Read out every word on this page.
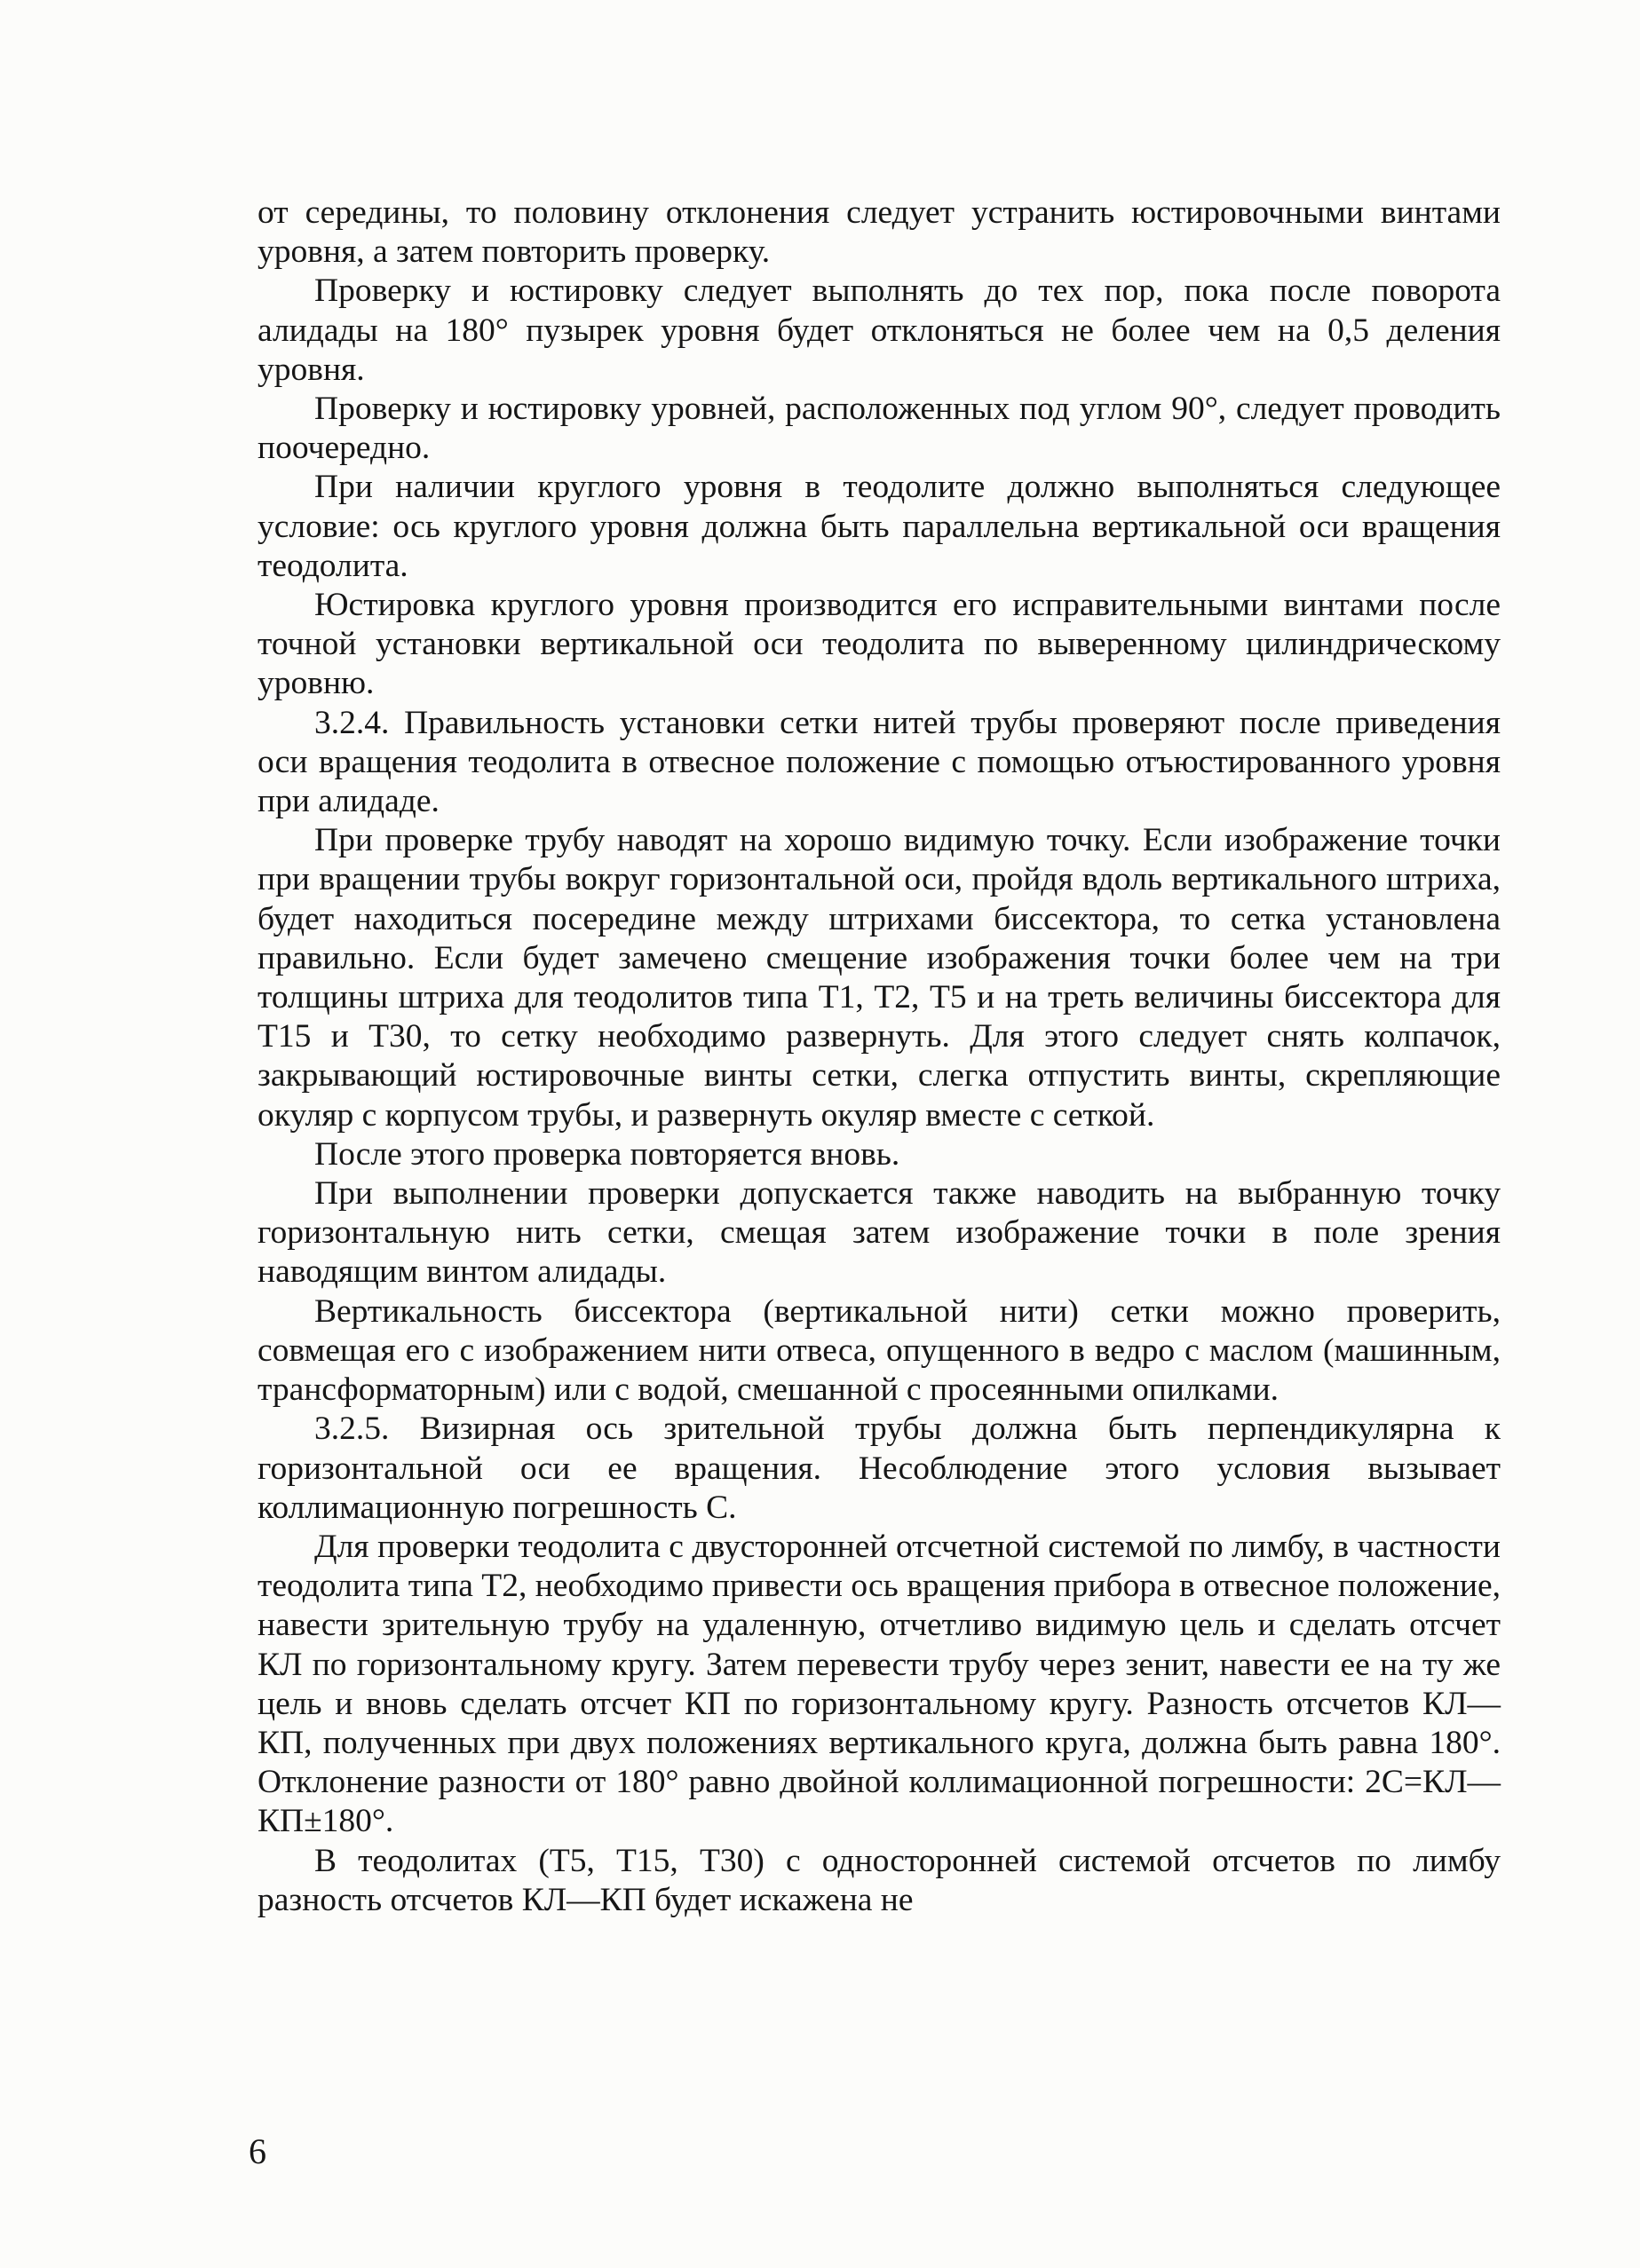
от середины, то половину отклонения следует устранить юстировочными винтами уровня, а затем повторить проверку.

Проверку и юстировку следует выполнять до тех пор, пока после поворота алидады на 180° пузырек уровня будет отклоняться не более чем на 0,5 деления уровня.

Проверку и юстировку уровней, расположенных под углом 90°, следует проводить поочередно.

При наличии круглого уровня в теодолите должно выполняться следующее условие: ось круглого уровня должна быть параллельна вертикальной оси вращения теодолита.

Юстировка круглого уровня производится его исправительными винтами после точной установки вертикальной оси теодолита по выверенному цилиндрическому уровню.

3.2.4. Правильность установки сетки нитей трубы проверяют после приведения оси вращения теодолита в отвесное положение с помощью отъюстированного уровня при алидаде.

При проверке трубу наводят на хорошо видимую точку. Если изображение точки при вращении трубы вокруг горизонтальной оси, пройдя вдоль вертикального штриха, будет находиться посередине между штрихами биссектора, то сетка установлена правильно. Если будет замечено смещение изображения точки более чем на три толщины штриха для теодолитов типа Т1, Т2, Т5 и на треть величины биссектора для Т15 и Т30, то сетку необходимо развернуть. Для этого следует снять колпачок, закрывающий юстировочные винты сетки, слегка отпустить винты, скрепляющие окуляр с корпусом трубы, и развернуть окуляр вместе с сеткой.

После этого проверка повторяется вновь.

При выполнении проверки допускается также наводить на выбранную точку горизонтальную нить сетки, смещая затем изображение точки в поле зрения наводящим винтом алидады.

Вертикальность биссектора (вертикальной нити) сетки можно проверить, совмещая его с изображением нити отвеса, опущенного в ведро с маслом (машинным, трансформаторным) или с водой, смешанной с просеянными опилками.

3.2.5. Визирная ось зрительной трубы должна быть перпендикулярна к горизонтальной оси ее вращения. Несоблюдение этого условия вызывает коллимационную погрешность С.

Для проверки теодолита с двусторонней отсчетной системой по лимбу, в частности теодолита типа Т2, необходимо привести ось вращения прибора в отвесное положение, навести зрительную трубу на удаленную, отчетливо видимую цель и сделать отсчет КЛ по горизонтальному кругу. Затем перевести трубу через зенит, навести ее на ту же цель и вновь сделать отсчет КП по горизонтальному кругу. Разность отсчетов КЛ—КП, полученных при двух положениях вертикального круга, должна быть равна 180°. Отклонение разности от 180° равно двойной коллимационной погрешности: 2С=КЛ—КП±180°.

В теодолитах (Т5, Т15, Т30) с односторонней системой отсчетов по лимбу разность отсчетов КЛ—КП будет искажена не

6
